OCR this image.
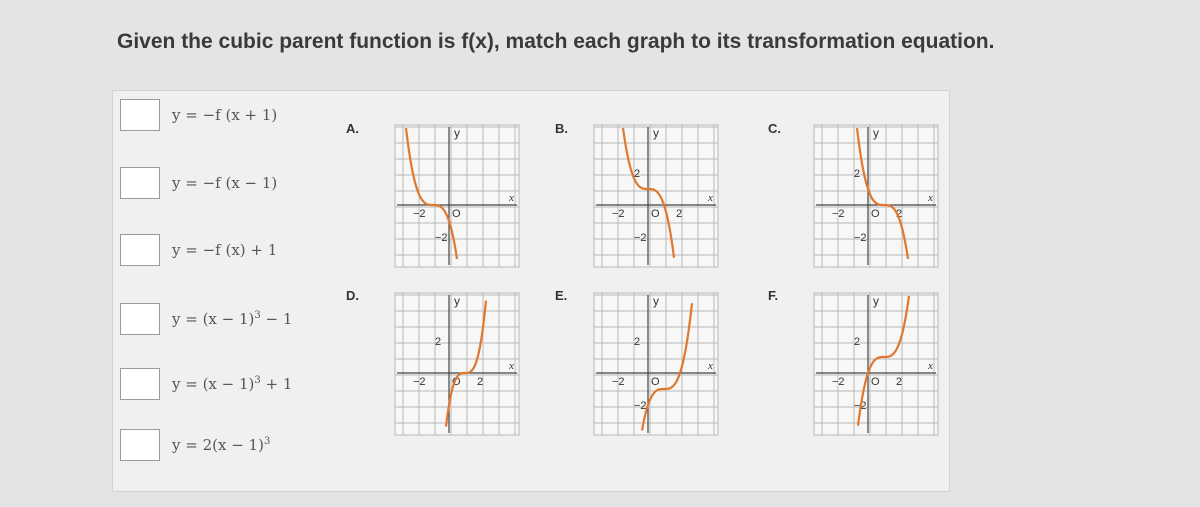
Given the cubic parent function is f(x), match each graph to its transformation equation.
y = −f (x + 1)
y = −f (x − 1)
y = −f (x) + 1
$y = (x - 1)^3 - 1$
$y = (x - 1)^3 + 1$
$y = 2(x - 1)^3$
A.
x
y
−2 O
−2
B.
x
y
−2 O 2
2
−2
C.
x
y
−2 O 2
2
−2
D.
x
y
−2 O 2
2
E.
x
y
−2 O
2
−2
F.
x
y
−2 O 2
2
−2
